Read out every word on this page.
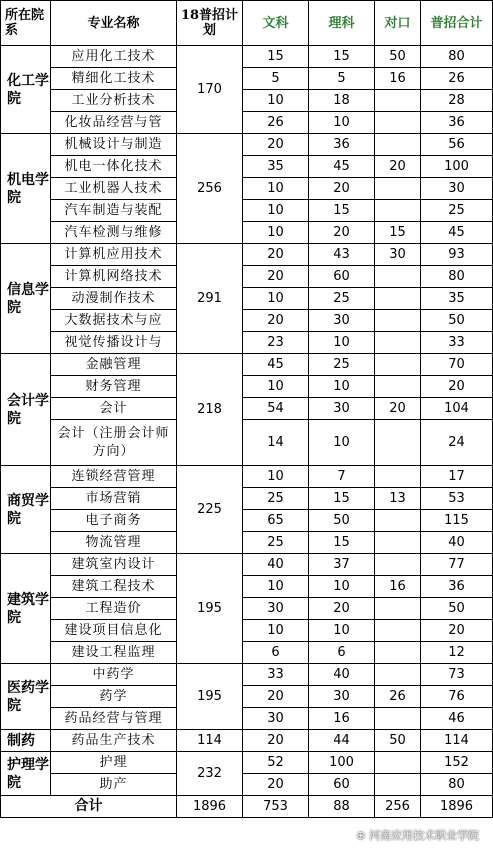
所在院系	专业名称	18普招计划	文科	理科	对口	普招合计
化工学院	应用化工技术	170	15	15	50	80
	精细化工技术		5	5	16	26
	工业分析技术		10	18		28
	化妆品经营与管		26	10		36
机电学院	机械设计与制造	256	20	36		56
	机电一体化技术		35	45	20	100
	工业机器人技术		10	20		30
	汽车制造与装配		10	15		25
	汽车检测与维修		10	20	15	45
信息学院	计算机应用技术	291	20	43	30	93
	计算机网络技术		20	60		80
	动漫制作技术		10	25		35
	大数据技术与应		20	30		50
	视觉传播设计与		23	10		33
会计学院	金融管理	218	45	25		70
	财务管理		10	10		20
	会计		54	30	20	104
	会计（注册会计师方向）		14	10		24
商贸学院	连锁经营管理	225	10	7		17
	市场营销		25	15	13	53
	电子商务		65	50		115
	物流管理		25	15		40
建筑学院	建筑室内设计	195	40	37		77
	建筑工程技术		10	10	16	36
	工程造价		30	20		50
	建设项目信息化		10	10		20
	建设工程监理		6	6		12
医药学院	中药学	195	33	40		73
	药学		20	30	26	76
	药品经营与管理		30	16		46
制药	药品生产技术	114	20	44	50	114
护理学院	护理	232	52	100		152
	助产		20	60		80
合计		1896	753	88	256	1896
⊕ 河南应用技术职业学院
